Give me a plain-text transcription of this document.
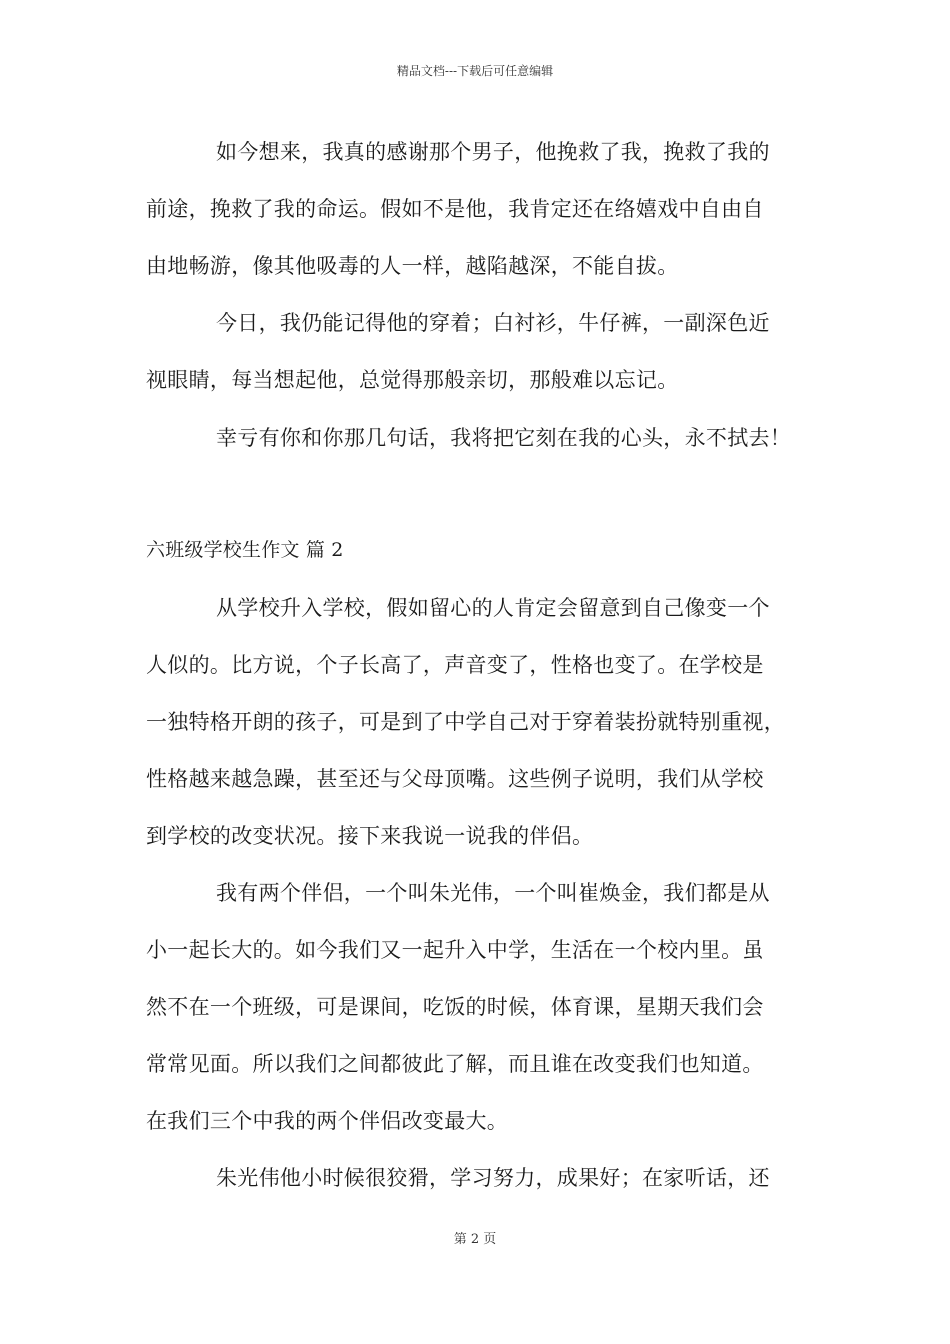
精品文档---下载后可任意编辑
如今想来，我真的感谢那个男子，他挽救了我，挽救了我的
前途，挽救了我的命运。假如不是他，我肯定还在络嬉戏中自由自
由地畅游，像其他吸毒的人一样，越陷越深，不能自拔。
今日，我仍能记得他的穿着；白衬衫，牛仔裤，一副深色近
视眼睛，每当想起他，总觉得那般亲切，那般难以忘记。
幸亏有你和你那几句话，我将把它刻在我的心头，永不拭去！
六班级学校生作文 篇 2
从学校升入学校，假如留心的人肯定会留意到自己像变一个
人似的。比方说，个子长高了，声音变了，性格也变了。在学校是
一独特格开朗的孩子，可是到了中学自己对于穿着装扮就特别重视，
性格越来越急躁，甚至还与父母顶嘴。这些例子说明，我们从学校
到学校的改变状况。接下来我说一说我的伴侣。
我有两个伴侣，一个叫朱光伟，一个叫崔焕金，我们都是从
小一起长大的。如今我们又一起升入中学，生活在一个校内里。虽
然不在一个班级，可是课间，吃饭的时候，体育课，星期天我们会
常常见面。所以我们之间都彼此了解，而且谁在改变我们也知道。
在我们三个中我的两个伴侣改变最大。
朱光伟他小时候很狡猾，学习努力，成果好；在家听话，还
第 2 页
